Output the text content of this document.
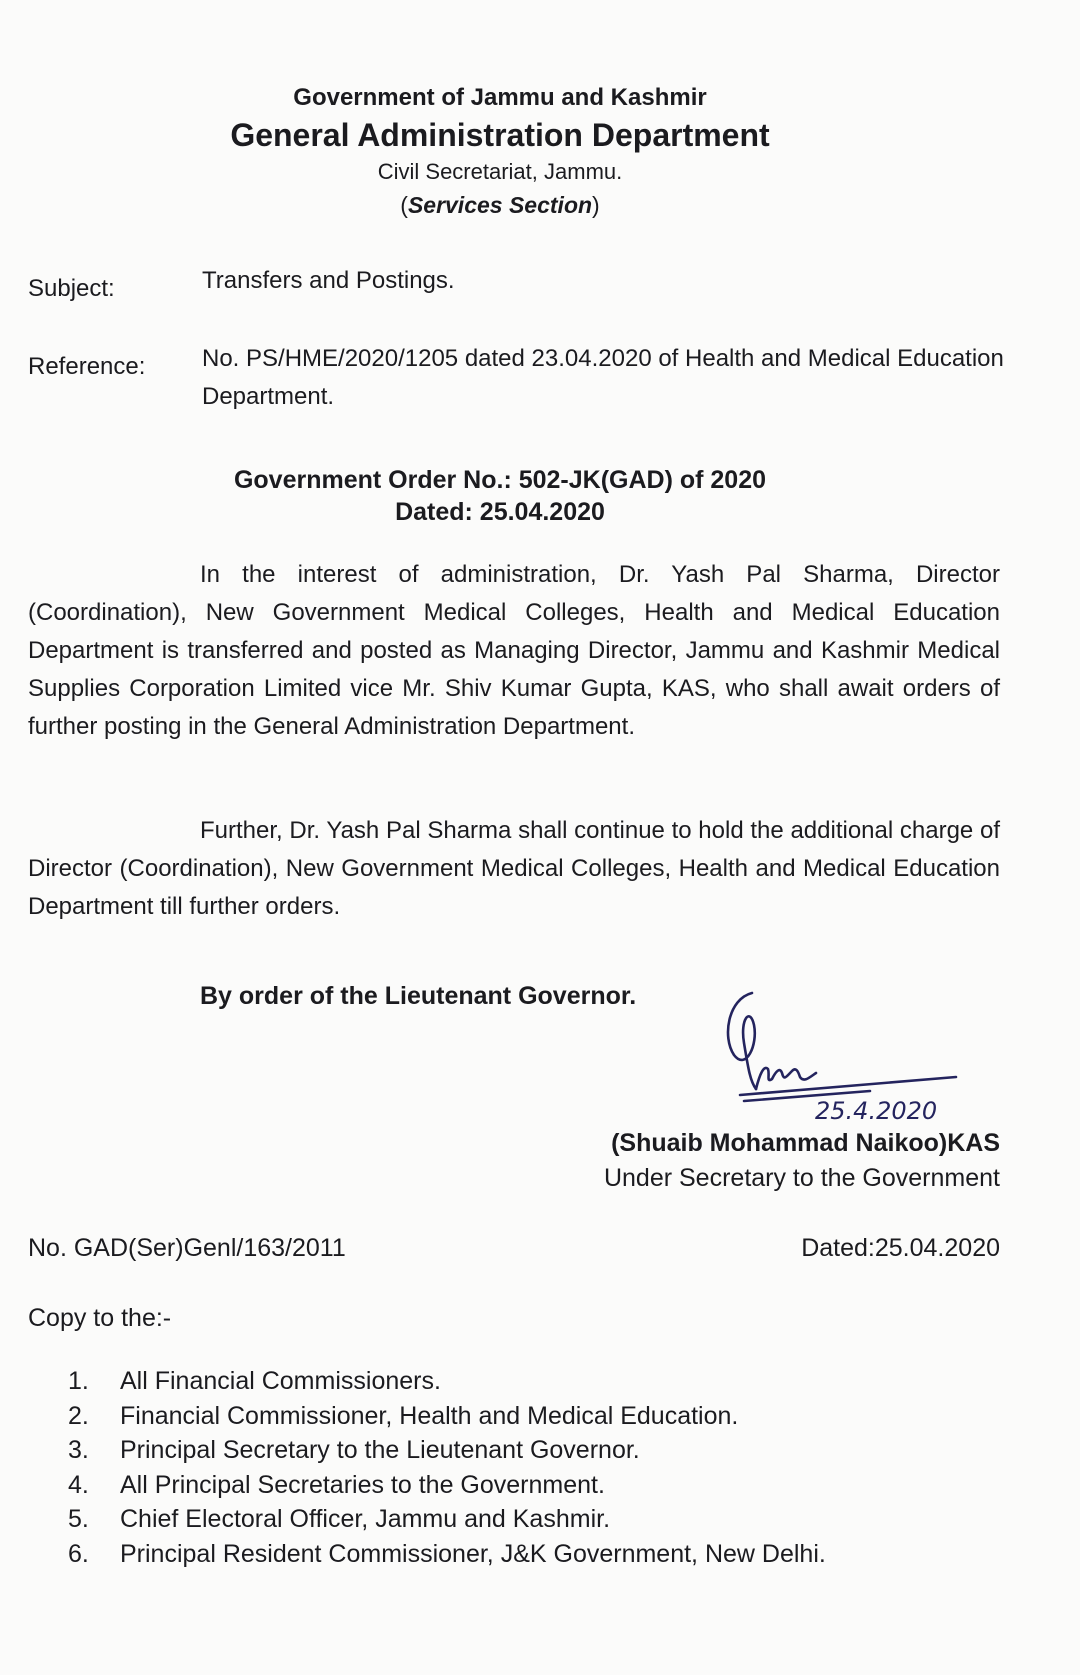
Government of Jammu and Kashmir
General Administration Department
Civil Secretariat, Jammu.
(Services Section)
Subject:	Transfers and Postings.
Reference: No. PS/HME/2020/1205 dated 23.04.2020 of Health and Medical Education Department.
Government Order No.: 502-JK(GAD) of 2020
Dated: 25.04.2020

In the interest of administration, Dr. Yash Pal Sharma, Director (Coordination), New Government Medical Colleges, Health and Medical Education Department is transferred and posted as Managing Director, Jammu and Kashmir Medical Supplies Corporation Limited vice Mr. Shiv Kumar Gupta, KAS, who shall await orders of further posting in the General Administration Department.

Further, Dr. Yash Pal Sharma shall continue to hold the additional charge of Director (Coordination), New Government Medical Colleges, Health and Medical Education Department till further orders.

By order of the Lieutenant Governor.
25.4.2020
(Shuaib Mohammad Naikoo)KAS
Under Secretary to the Government
No. GAD(Ser)Genl/163/2011	Dated:25.04.2020
Copy to the:-
1. All Financial Commissioners.
2. Financial Commissioner, Health and Medical Education.
3. Principal Secretary to the Lieutenant Governor.
4. All Principal Secretaries to the Government.
5. Chief Electoral Officer, Jammu and Kashmir.
6. Principal Resident Commissioner, J&K Government, New Delhi.
